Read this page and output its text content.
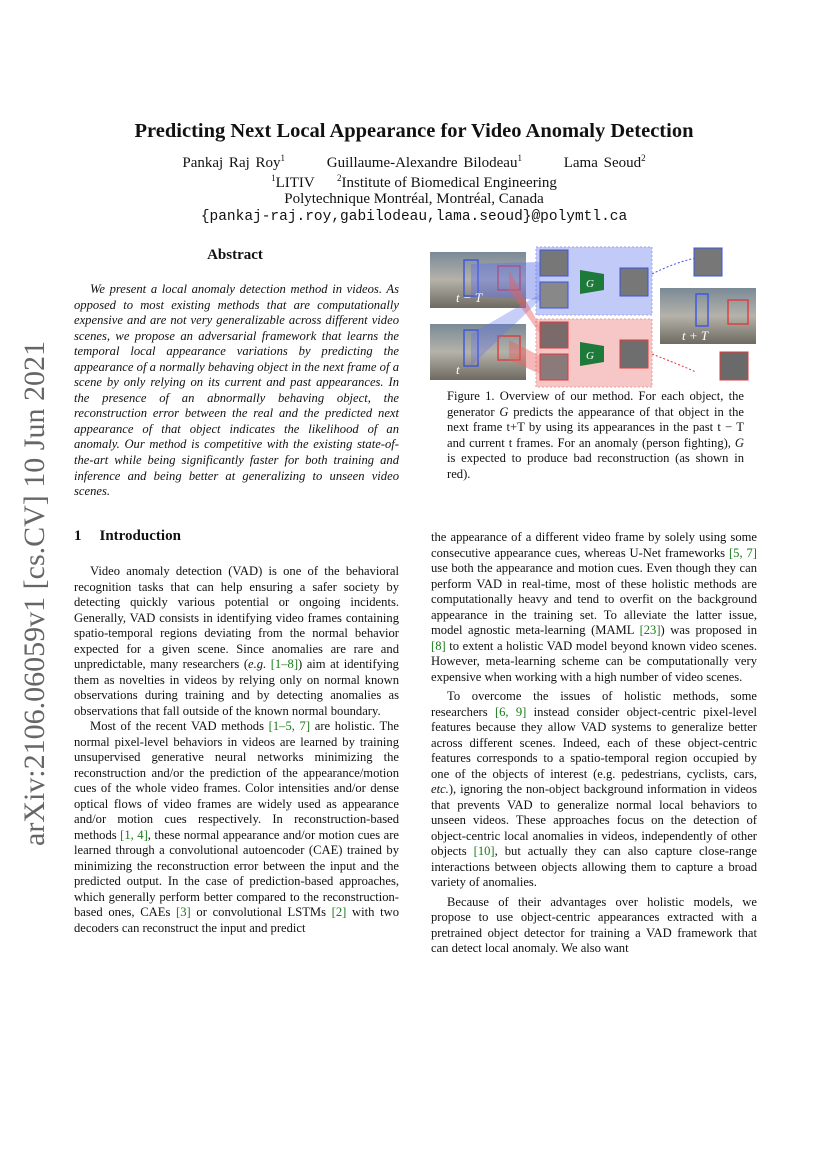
arXiv:2106.06059v1 [cs.CV] 10 Jun 2021
Predicting Next Local Appearance for Video Anomaly Detection
Pankaj Raj Roy$^1$	Guillaume-Alexandre Bilodeau$^1$	Lama Seoud$^2$
$^1$LITIV	$^2$Institute of Biomedical Engineering
Polytechnique Montréal, Montréal, Canada
{pankaj-raj.roy,gabilodeau,lama.seoud}@polymtl.ca
Abstract
We present a local anomaly detection method in videos. As opposed to most existing methods that are computationally expensive and are not very generalizable across different video scenes, we propose an adversarial framework that learns the temporal local appearance variations by predicting the appearance of a normally behaving object in the next frame of a scene by only relying on its current and past appearances. In the presence of an abnormally behaving object, the reconstruction error between the real and the predicted next appearance of that object indicates the likelihood of an anomaly. Our method is competitive with the existing state-of-the-art while being significantly faster for both training and inference and being better at generalizing to unseen video scenes.
G
G
t − T
t
t + T
Figure 1. Overview of our method. For each object, the generator G predicts the appearance of that object in the next frame t+T by using its appearances in the past t − T and current t frames. For an anomaly (person fighting), G is expected to produce bad reconstruction (as shown in red).
1 Introduction

Video anomaly detection (VAD) is one of the behavioral recognition tasks that can help ensuring a safer society by detecting quickly various potential or ongoing incidents. Generally, VAD consists in identifying video frames containing spatio-temporal regions deviating from the normal behavior expected for a given scene. Since anomalies are rare and unpredictable, many researchers (e.g. [1–8]) aim at identifying them as novelties in videos by relying only on normal known observations during training and by detecting anomalies as observations that fall outside of the known normal boundary.

Most of the recent VAD methods [1–5, 7] are holistic. The normal pixel-level behaviors in videos are learned by training unsupervised generative neural networks minimizing the reconstruction and/or the prediction of the appearance/motion cues of the whole video frames. Color intensities and/or dense optical flows of video frames are widely used as appearance and/or motion cues respectively. In reconstruction-based methods [1, 4], these normal appearance and/or motion cues are learned through a convolutional autoencoder (CAE) trained by minimizing the reconstruction error between the input and the predicted output. In the case of prediction-based approaches, which generally perform better compared to the reconstruction-based ones, CAEs [3] or convolutional LSTMs [2] with two decoders can reconstruct the input and predict

the appearance of a different video frame by solely using some consecutive appearance cues, whereas U-Net frameworks [5, 7] use both the appearance and motion cues. Even though they can perform VAD in real-time, most of these holistic methods are computationally heavy and tend to overfit on the background appearance in the training set. To alleviate the latter issue, model agnostic meta-learning (MAML [23]) was proposed in [8] to extent a holistic VAD model beyond known video scenes. However, meta-learning scheme can be computationally very expensive when working with a high number of video scenes.

To overcome the issues of holistic methods, some researchers [6, 9] instead consider object-centric pixel-level features because they allow VAD systems to generalize better across different scenes. Indeed, each of these object-centric features corresponds to a spatio-temporal region occupied by one of the objects of interest (e.g. pedestrians, cyclists, cars, etc.), ignoring the non-object background information in videos that prevents VAD to generalize normal local behaviors to unseen videos. These approaches focus on the detection of object-centric local anomalies in videos, independently of other objects [10], but actually they can also capture close-range interactions between objects allowing them to capture a broad variety of anomalies.

Because of their advantages over holistic models, we propose to use object-centric appearances extracted with a pretrained object detector for training a VAD framework that can detect local anomaly. We also want
